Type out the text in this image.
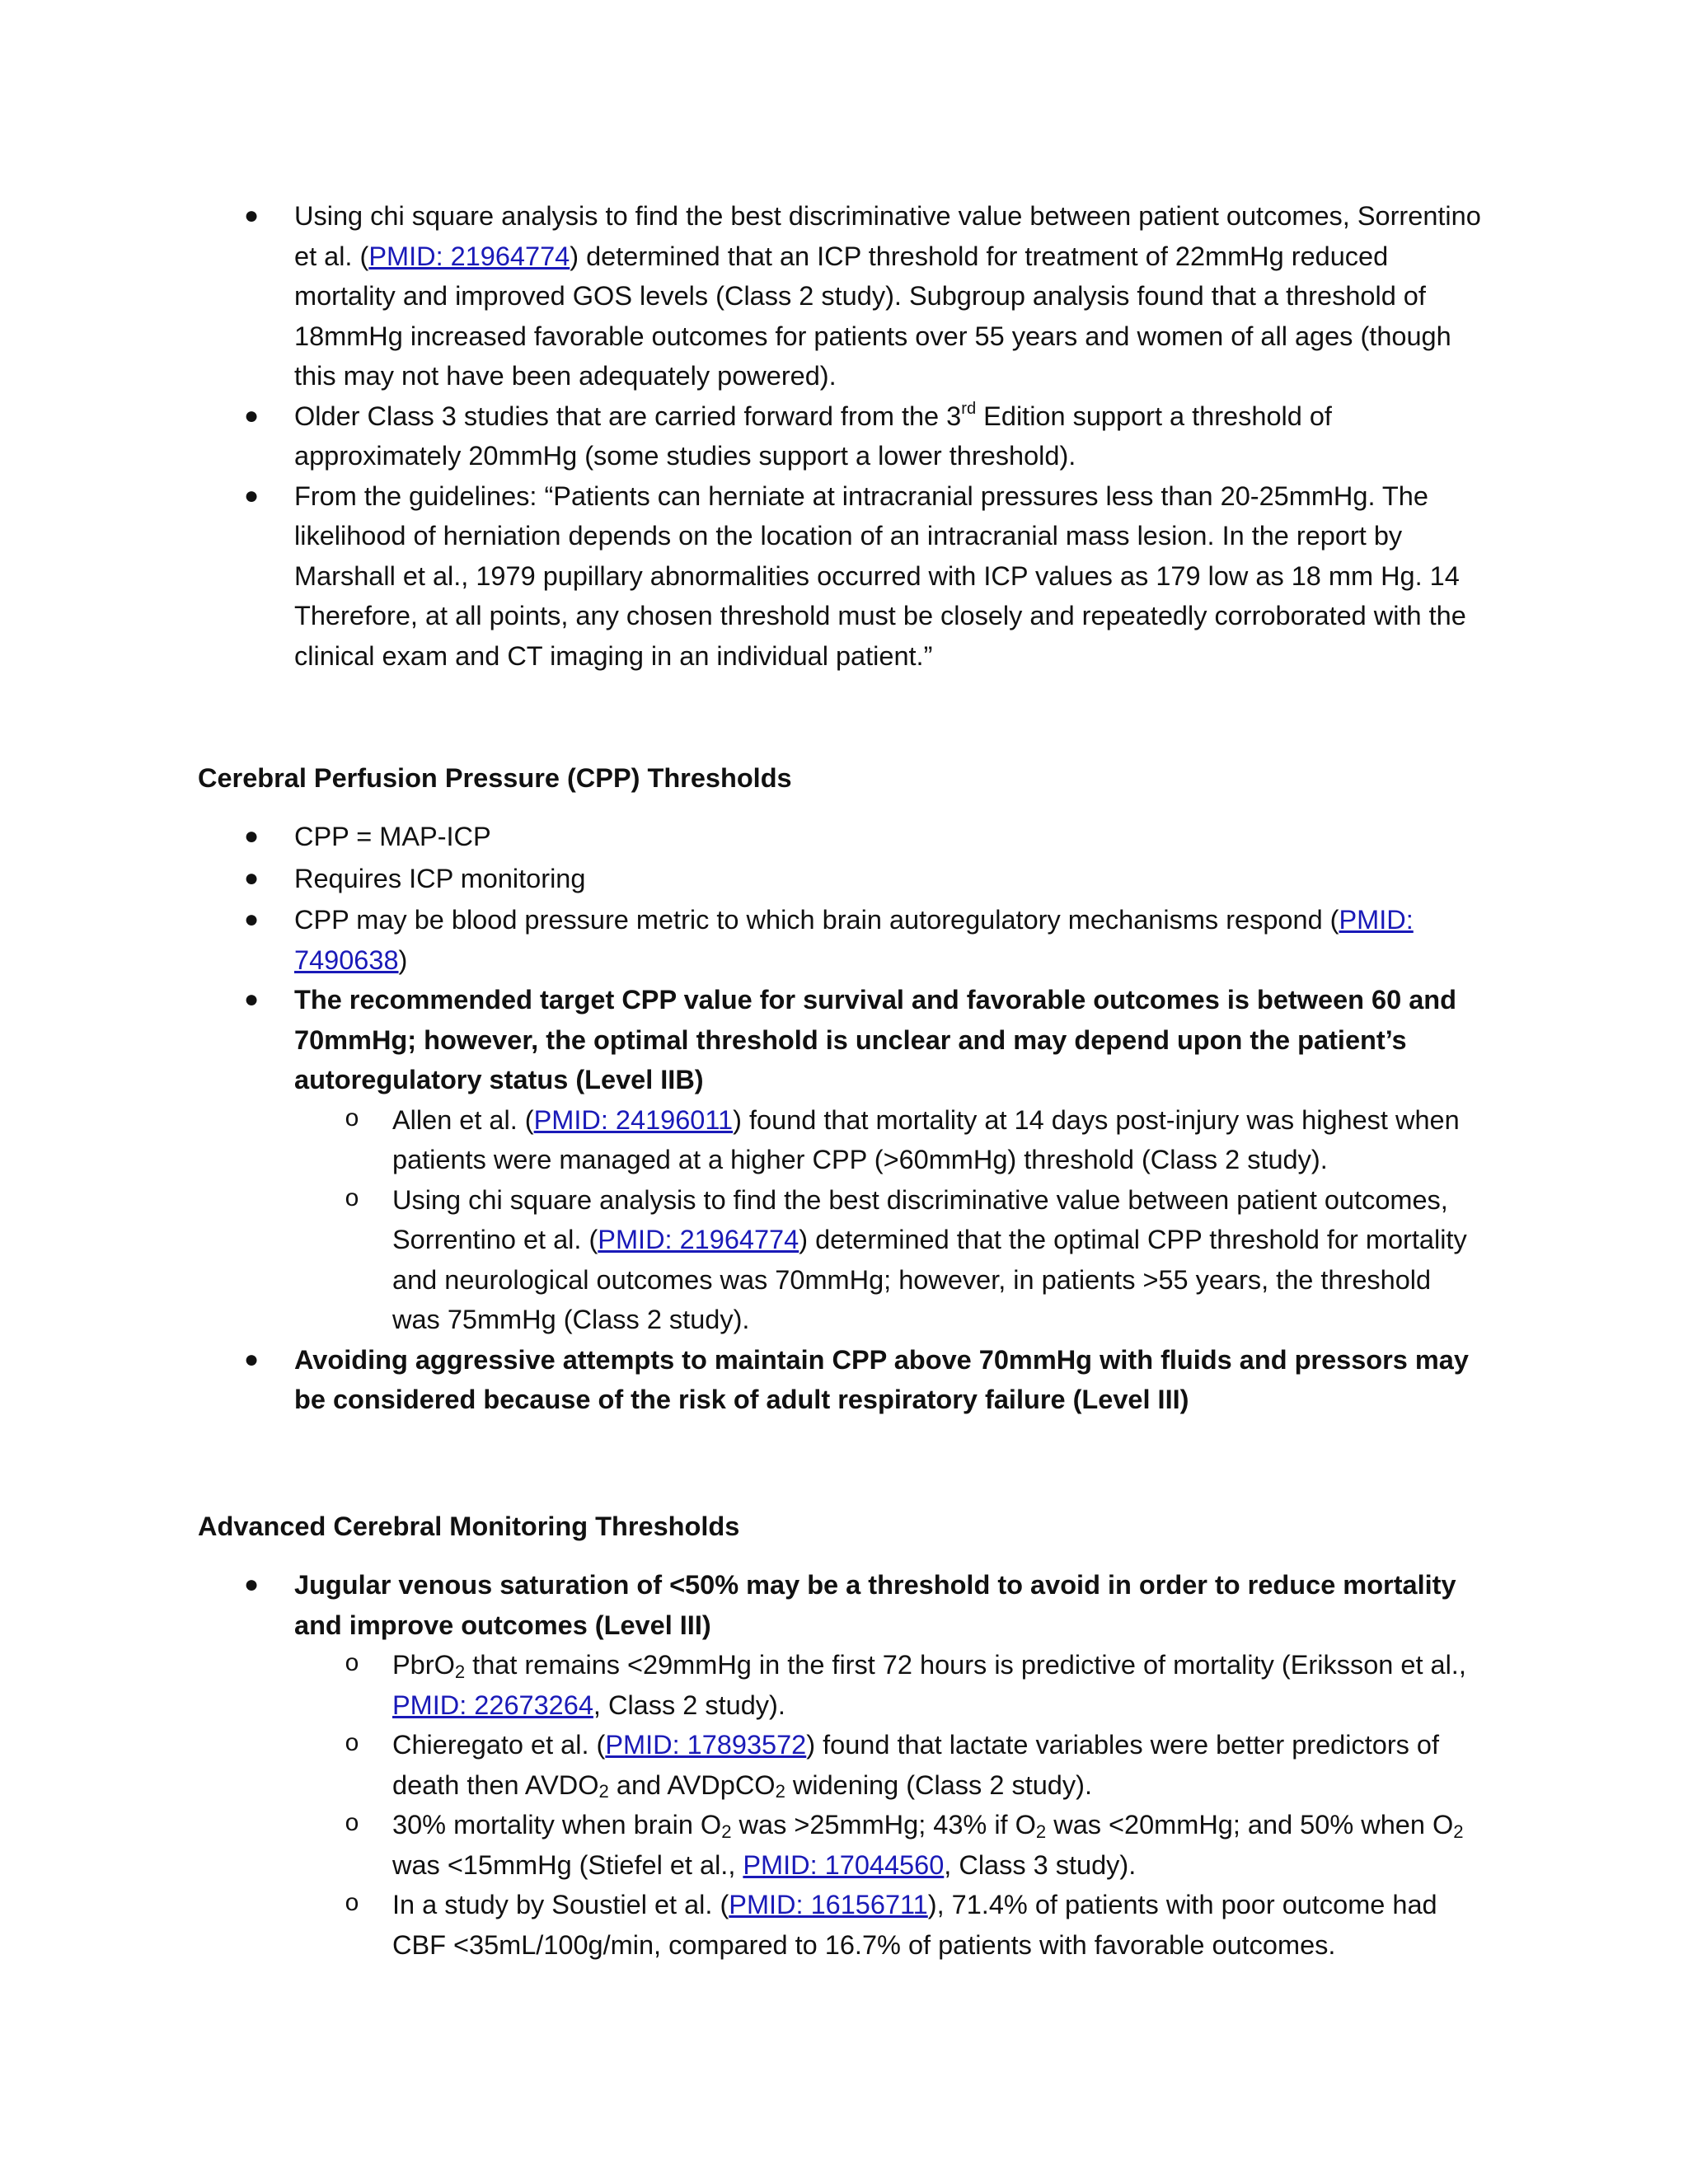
● Using chi square analysis to find the best discriminative value between patient outcomes, Sorrentino et al. (PMID: 21964774) determined that an ICP threshold for treatment of 22mmHg reduced mortality and improved GOS levels (Class 2 study). Subgroup analysis found that a threshold of 18mmHg increased favorable outcomes for patients over 55 years and women of all ages (though this may not have been adequately powered).
● Older Class 3 studies that are carried forward from the 3rd Edition support a threshold of approximately 20mmHg (some studies support a lower threshold).
● From the guidelines: “Patients can herniate at intracranial pressures less than 20-25mmHg. The likelihood of herniation depends on the location of an intracranial mass lesion. In the report by Marshall et al., 1979 pupillary abnormalities occurred with ICP values as 179 low as 18 mm Hg. 14 Therefore, at all points, any chosen threshold must be closely and repeatedly corroborated with the clinical exam and CT imaging in an individual patient.”
Cerebral Perfusion Pressure (CPP) Thresholds
● CPP = MAP-ICP
● Requires ICP monitoring
● CPP may be blood pressure metric to which brain autoregulatory mechanisms respond (PMID: 7490638)
● The recommended target CPP value for survival and favorable outcomes is between 60 and 70mmHg; however, the optimal threshold is unclear and may depend upon the patient’s autoregulatory status (Level IIB)
o Allen et al. (PMID: 24196011) found that mortality at 14 days post-injury was highest when patients were managed at a higher CPP (>60mmHg) threshold (Class 2 study).
o Using chi square analysis to find the best discriminative value between patient outcomes, Sorrentino et al. (PMID: 21964774) determined that the optimal CPP threshold for mortality and neurological outcomes was 70mmHg; however, in patients >55 years, the threshold was 75mmHg (Class 2 study).
● Avoiding aggressive attempts to maintain CPP above 70mmHg with fluids and pressors may be considered because of the risk of adult respiratory failure (Level III)
Advanced Cerebral Monitoring Thresholds
● Jugular venous saturation of <50% may be a threshold to avoid in order to reduce mortality and improve outcomes (Level III)
o PbrO$_2$ that remains <29mmHg in the first 72 hours is predictive of mortality (Eriksson et al., PMID: 22673264, Class 2 study).
o Chieregato et al. (PMID: 17893572) found that lactate variables were better predictors of death then $AVDO_2$ and AVDpCO$_2$ widening (Class 2 study).
o 30% mortality when brain $O_2$ was >25mmHg; 43% if $O_2$ was <20mmHg; and 50% when $O_2$ was <15mmHg (Stiefel et al., PMID: 17044560, Class 3 study).
o In a study by Soustiel et al. (PMID: 16156711), 71.4% of patients with poor outcome had CBF <35mL/100g/min, compared to 16.7% of patients with favorable outcomes.
